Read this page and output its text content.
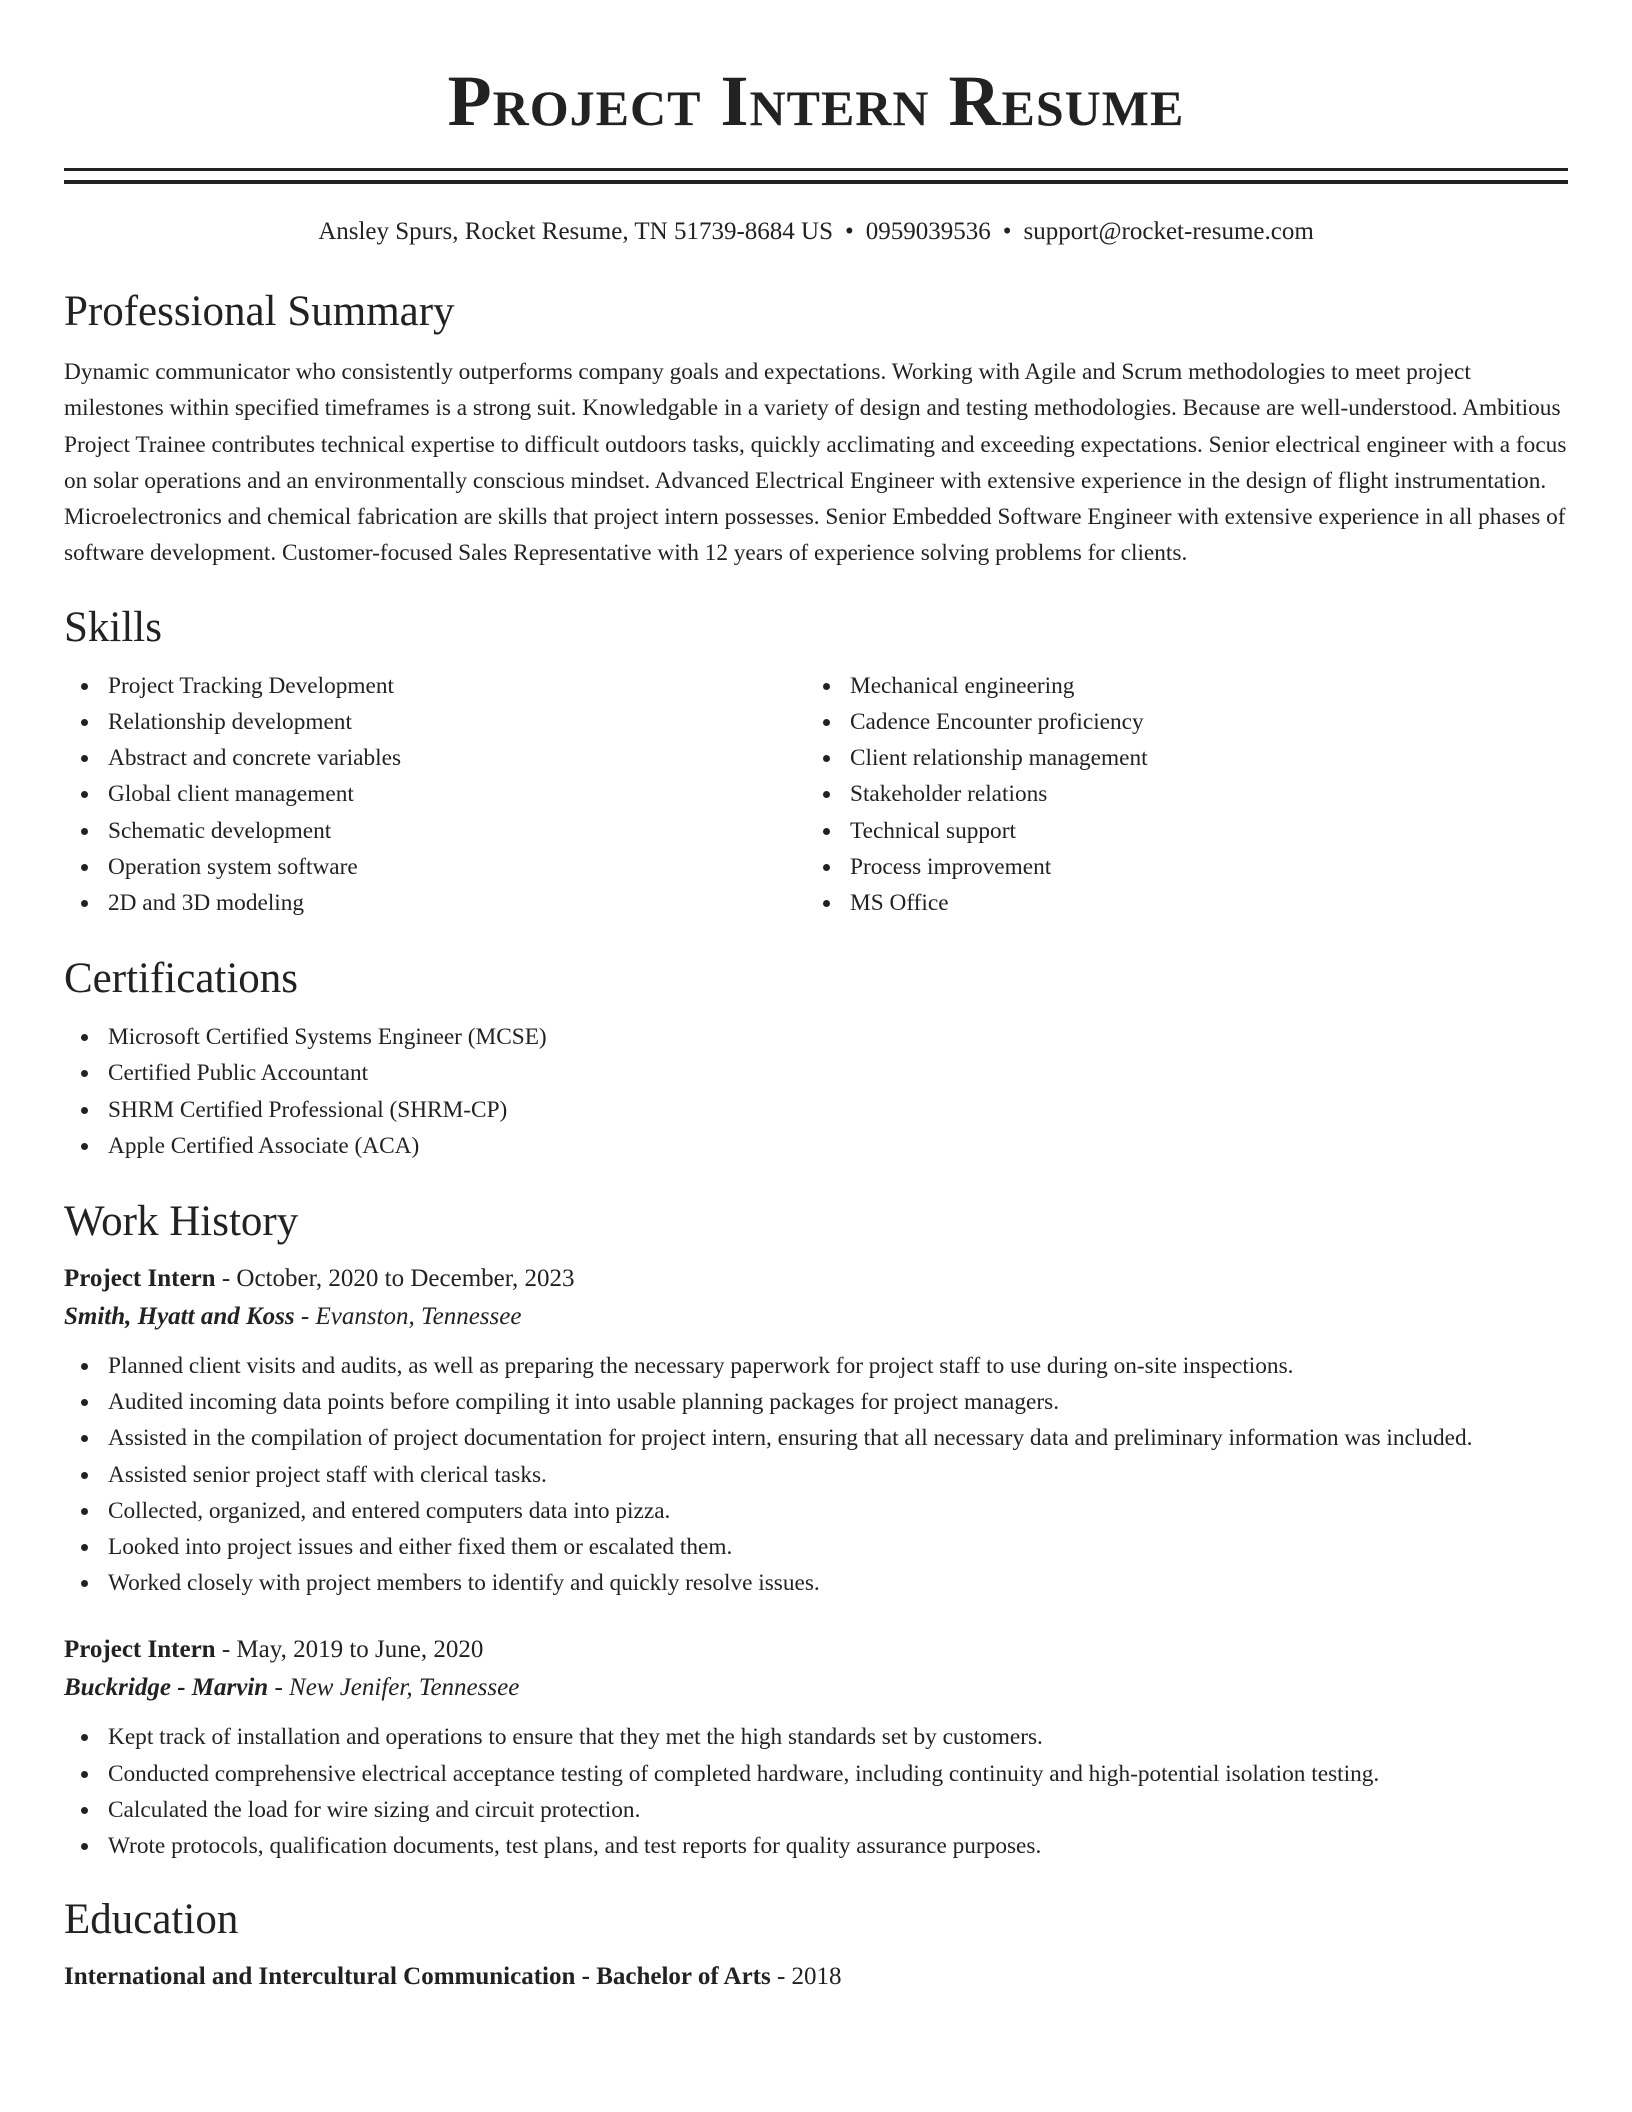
Project Intern Resume
Ansley Spurs, Rocket Resume, TN 51739-8684 US • 0959039536 • support@rocket-resume.com
Professional Summary

Dynamic communicator who consistently outperforms company goals and expectations. Working with Agile and Scrum methodologies to meet project milestones within specified timeframes is a strong suit. Knowledgable in a variety of design and testing methodologies. Because are well-understood. Ambitious Project Trainee contributes technical expertise to difficult outdoors tasks, quickly acclimating and exceeding expectations. Senior electrical engineer with a focus on solar operations and an environmentally conscious mindset. Advanced Electrical Engineer with extensive experience in the design of flight instrumentation. Microelectronics and chemical fabrication are skills that project intern possesses. Senior Embedded Software Engineer with extensive experience in all phases of software development. Customer-focused Sales Representative with 12 years of experience solving problems for clients.

Skills
Project Tracking Development
Relationship development
Abstract and concrete variables
Global client management
Schematic development
Operation system software
2D and 3D modeling
Mechanical engineering
Cadence Encounter proficiency
Client relationship management
Stakeholder relations
Technical support
Process improvement
MS Office
Certifications
Microsoft Certified Systems Engineer (MCSE)
Certified Public Accountant
SHRM Certified Professional (SHRM-CP)
Apple Certified Associate (ACA)
Work History
Project Intern - October, 2020 to December, 2023
Smith, Hyatt and Koss - Evanston, Tennessee
Planned client visits and audits, as well as preparing the necessary paperwork for project staff to use during on-site inspections.
Audited incoming data points before compiling it into usable planning packages for project managers.
Assisted in the compilation of project documentation for project intern, ensuring that all necessary data and preliminary information was included.
Assisted senior project staff with clerical tasks.
Collected, organized, and entered computers data into pizza.
Looked into project issues and either fixed them or escalated them.
Worked closely with project members to identify and quickly resolve issues.
Project Intern - May, 2019 to June, 2020
Buckridge - Marvin - New Jenifer, Tennessee
Kept track of installation and operations to ensure that they met the high standards set by customers.
Conducted comprehensive electrical acceptance testing of completed hardware, including continuity and high-potential isolation testing.
Calculated the load for wire sizing and circuit protection.
Wrote protocols, qualification documents, test plans, and test reports for quality assurance purposes.
Education
International and Intercultural Communication - Bachelor of Arts - 2018
